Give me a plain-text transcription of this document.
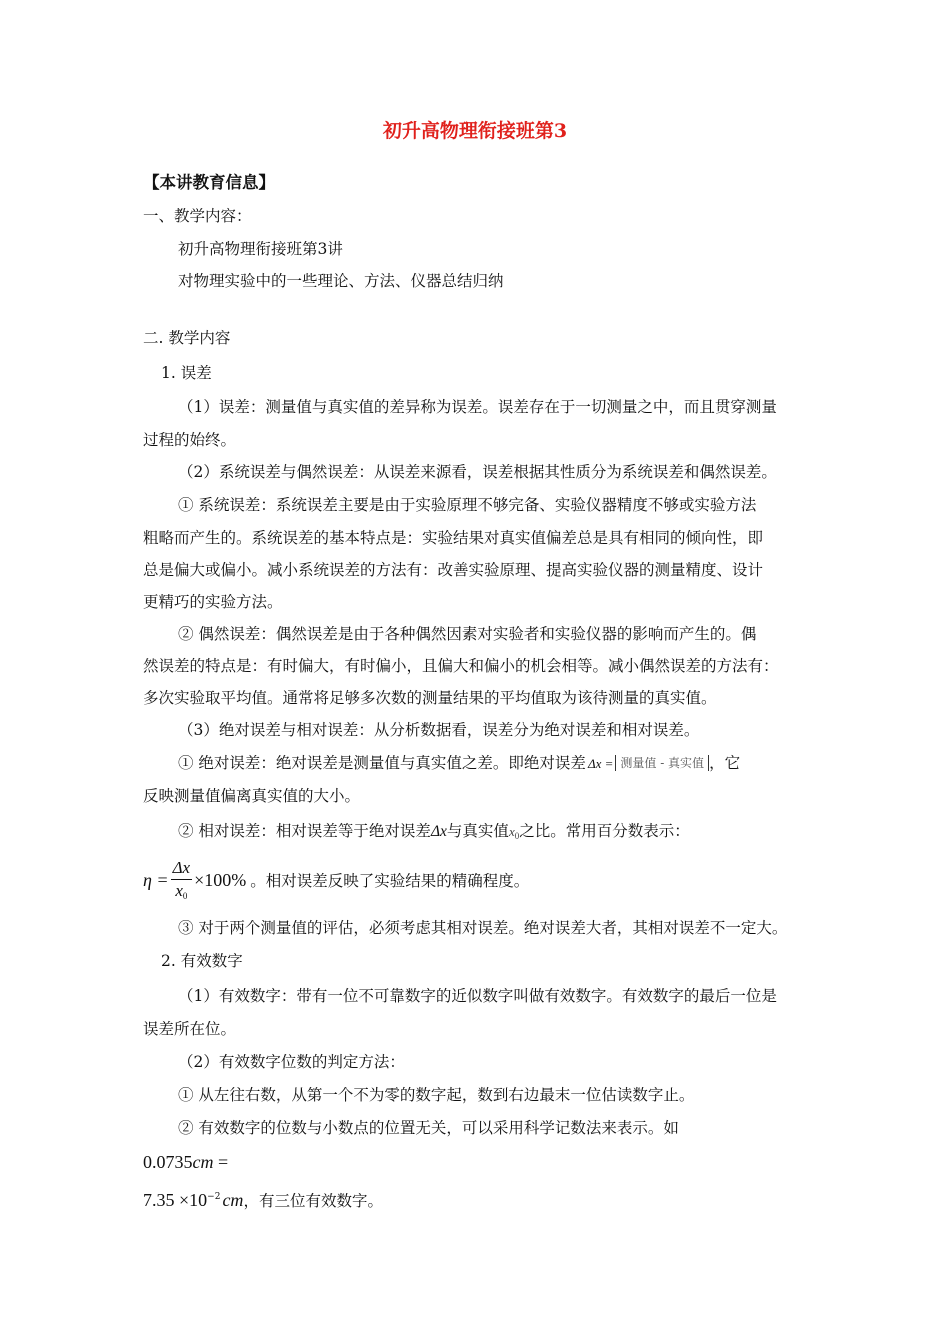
初升高物理衔接班第3
【本讲教育信息】
一、教学内容：
初升高物理衔接班第3讲
对物理实验中的一些理论、方法、仪器总结归纳
二. 教学内容
1. 误差
（1）误差：测量值与真实值的差异称为误差。误差存在于一切测量之中，而且贯穿测量
过程的始终。
（2）系统误差与偶然误差：从误差来源看，误差根据其性质分为系统误差和偶然误差。
① 系统误差：系统误差主要是由于实验原理不够完备、实验仪器精度不够或实验方法
粗略而产生的。系统误差的基本特点是：实验结果对真实值偏差总是具有相同的倾向性，即
总是偏大或偏小。减小系统误差的方法有：改善实验原理、提高实验仪器的测量精度、设计
更精巧的实验方法。
② 偶然误差：偶然误差是由于各种偶然因素对实验者和实验仪器的影响而产生的。偶
然误差的特点是：有时偏大，有时偏小，且偏大和偏小的机会相等。减小偶然误差的方法有：
多次实验取平均值。通常将足够多次数的测量结果的平均值取为该待测量的真实值。
（3）绝对误差与相对误差：从分析数据看，误差分为绝对误差和相对误差。
① 绝对误差：绝对误差是测量值与真实值之差。即绝对误差 Δx = 测量值 - 真实值 ，它
反映测量值偏离真实值的大小。
② 相对误差：相对误差等于绝对误差Δx与真实值$x_0$之比。常用百分数表示：
$\eta = \frac{\Delta x}{x_0} \times 100\%$ 。相对误差反映了实验结果的精确程度。
③ 对于两个测量值的评估，必须考虑其相对误差。绝对误差大者，其相对误差不一定大。
2. 有效数字
（1）有效数字：带有一位不可靠数字的近似数字叫做有效数字。有效数字的最后一位是
误差所在位。
（2）有效数字位数的判定方法：
① 从左往右数，从第一个不为零的数字起，数到右边最末一位估读数字止。
② 有效数字的位数与小数点的位置无关，可以采用科学记数法来表示。如
0.0735cm =
$7.35 \times 10^{-2}$ cm，有三位有效数字。
